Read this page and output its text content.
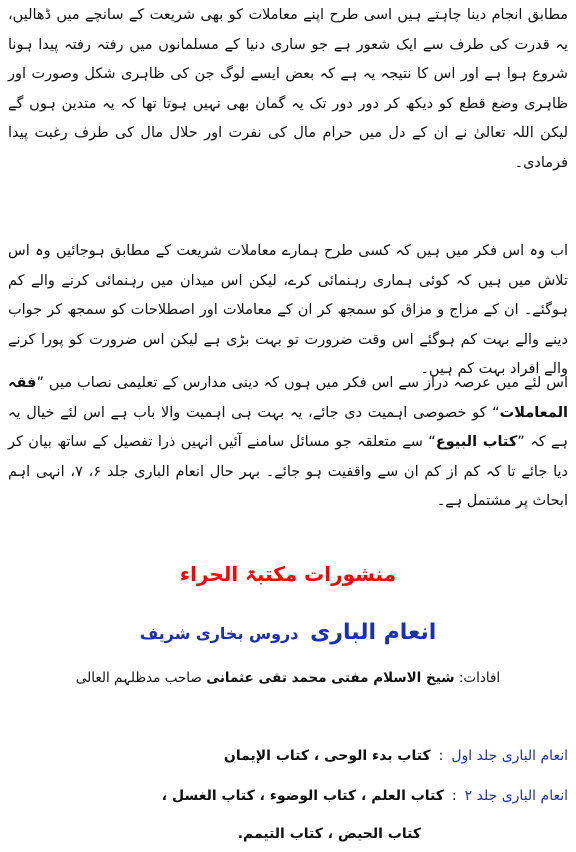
مطابق انجام دینا چاہتے ہیں اسی طرح اپنے معاملات کو بھی شریعت کے سانچے میں ڈھالیں، یہ قدرت کی طرف سے ایک شعور ہے جو ساری دنیا کے مسلمانوں میں رفتہ رفتہ پیدا ہونا شروع ہوا ہے اور اس کا نتیجہ یہ ہے کہ بعض ایسے لوگ جن کی ظاہری شکل وصورت اور ظاہری وضع قطع کو دیکھ کر دور دور تک یہ گمان بھی نہیں ہوتا تھا کہ یہ متدین ہوں گے لیکن اللہ تعالیٰ نے ان کے دل میں حرام مال کی نفرت اور حلال مال کی طرف رغبت پیدا فرمادی۔

اب وہ اس فکر میں ہیں کہ کسی طرح ہمارے معاملات شریعت کے مطابق ہوجائیں وہ اس تلاش میں ہیں کہ کوئی ہماری رہنمائی کرے، لیکن اس میدان میں رہنمائی کرنے والے کم ہوگئے۔ ان کے مزاج و مزاق کو سمجھ کر ان کے معاملات اور اصطلاحات کو سمجھ کر جواب دینے والے بہت کم ہوگئے اس وقت ضرورت تو بہت بڑی ہے لیکن اس ضرورت کو پورا کرنے والے افراد بہت کم ہیں۔

اس لئے میں عرصہ دراز سے اس فکر میں ہوں کہ دینی مدارس کے تعلیمی نصاب میں ”فقہ المعاملات“ کو خصوصی اہمیت دی جائے، یہ بہت ہی اہمیت والا باب ہے اس لئے خیال یہ ہے کہ ”کتاب البیوع“ سے متعلقہ جو مسائل سامنے آئیں انہیں ذرا تفصیل کے ساتھ بیان کر دیا جائے تا کہ کم از کم ان سے واقفیت ہو جائے۔ بہر حال انعام الباری جلد ۶، ۷، انہی اہم ابحاث پر مشتمل ہے۔

منشورات مکتبۃ الحراء
انعام الباری دروس بخاری شریف
افادات: شیخ الاسلام مفتی محمد تقی عثمانی صاحب مدظلہم العالی
انعام الباری جلد اول:کتاب بدء الوحی ، کتاب الإیمان
انعام الباری جلد ۲:کتاب العلم ، کتاب الوضوء ، کتاب الغسل ،
کتاب الحیض ، کتاب التیمم.
